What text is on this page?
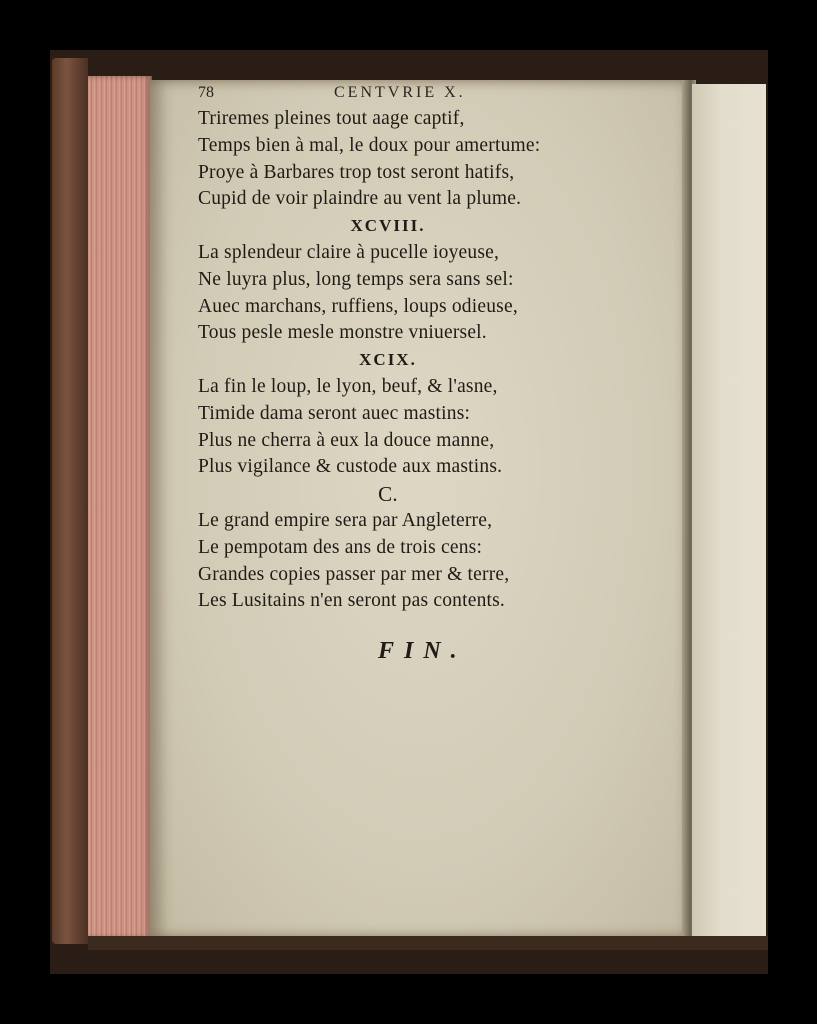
78	CENTVRIE X.
Triremes pleines tout aage captif,
Temps bien à mal, le doux pour amertume:
Proye à Barbares trop tost seront hatifs,
Cupid de voir plaindre au vent la plume.
XCVIII.
La splendeur claire à pucelle ioyeuse,
Ne luyra plus, long temps sera sans sel:
Auec marchans, ruffiens, loups odieuse,
Tous pesle mesle monstre vniuersel.
XCIX.
La fin le loup, le lyon, beuf, & l'asne,
Timide dama seront auec mastins:
Plus ne cherra à eux la douce manne,
Plus vigilance & custode aux mastins.
C.
Le grand empire sera par Angleterre,
Le pempotam des ans de trois cens:
Grandes copies passer par mer & terre,
Les Lusitains n'en seront pas contents.
FIN.
